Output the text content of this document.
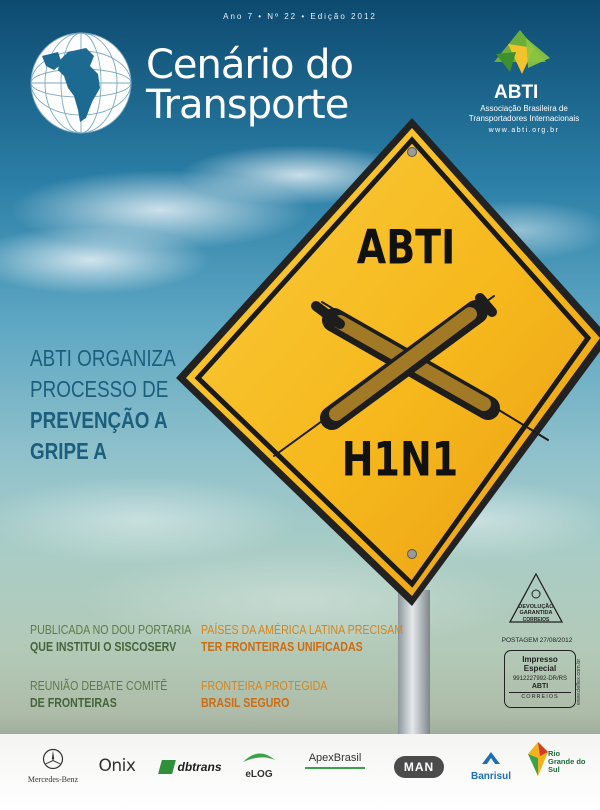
Ano 7 • Nº 22 • Edição 2012
Cenário do
Transporte	ABTI
Associação Brasileira de
Transportadores Internacionais
www.abti.org.br
ABTI
H1N1
ABTI ORGANIZA
PROCESSO DE
PREVENÇÃO A
GRIPE A
PUBLICADA NO DOU PORTARIA
QUE INSTITUI O SISCOSERV
PAÍSES DA AMÉRICA LATINA PRECISAM
TER FRONTEIRAS UNIFICADAS
REUNIÃO DEBATE COMITÊ
DE FRONTEIRAS
FRONTEIRA PROTEGIDA
BRASIL SEGURO
DEVOLUÇÃO
GARANTIDA
CORREIOS
POSTAGEM 27/08/2012
Impresso
Especial
9912227992-DR/RS
ABTI
CORREIOS	www.deflex.com.br
Mercedes-Benz
Onix	dbtrans
eLOG
ApexBrasil
MAN
Banrisul
Rio Grande do Sul
